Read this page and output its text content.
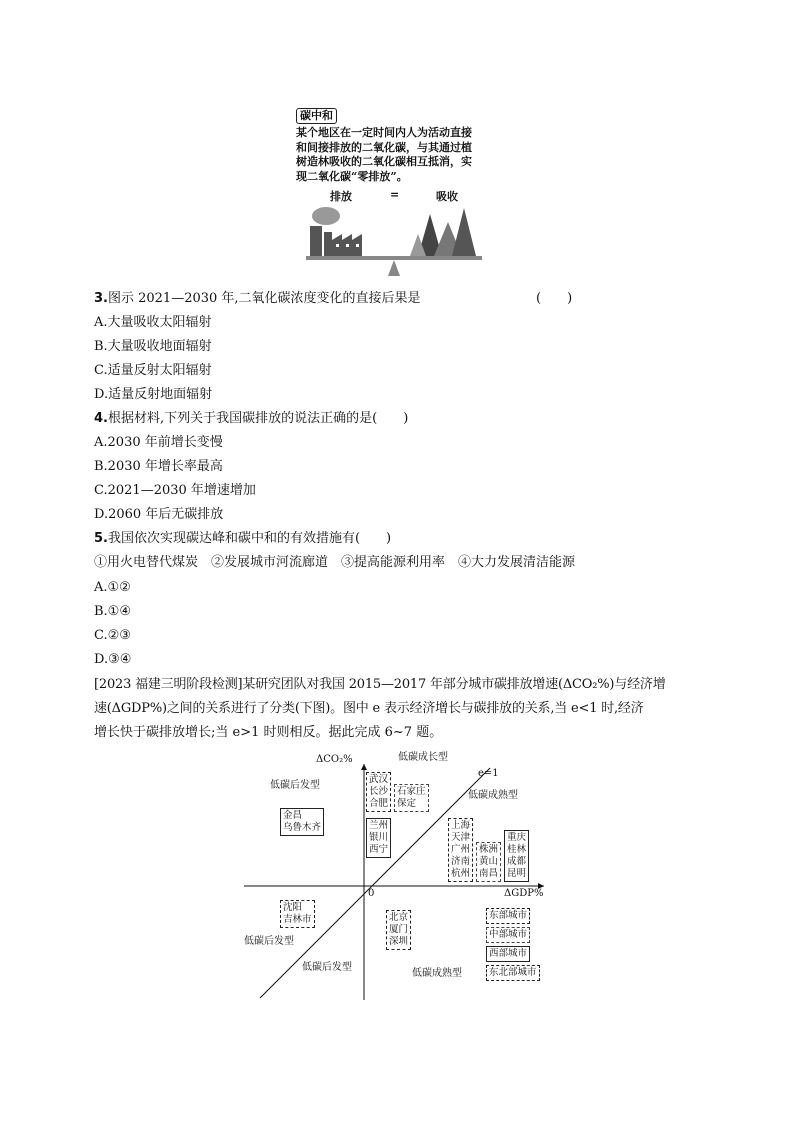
碳中和
某个地区在一定时间内人为活动直接
和间接排放的二氧化碳，与其通过植
树造林吸收的二氧化碳相互抵消，实
现二氧化碳“零排放”。
排放	=	吸收
3.图示 2021—2030 年,二氧化碳浓度变化的直接后果是	(　　)
A.大量吸收太阳辐射
B.大量吸收地面辐射
C.适量反射太阳辐射
D.适量反射地面辐射
4.根据材料,下列关于我国碳排放的说法正确的是(　　)
A.2030 年前增长变慢
B.2030 年增长率最高
C.2021—2030 年增速增加
D.2060 年后无碳排放
5.我国依次实现碳达峰和碳中和的有效措施有(　　)
①用火电替代煤炭　②发展城市河流廊道　③提高能源利用率　④大力发展清洁能源
A.①②
B.①④
C.②③
D.③④
[2023 福建三明阶段检测]某研究团队对我国 2015—2017 年部分城市碳排放增速(ΔCO₂%)与经济增
速(ΔGDP%)之间的关系进行了分类(下图)。图中 e 表示经济增长与碳排放的关系,当 e<1 时,经济
增长快于碳排放增长;当 e>1 时则相反。据此完成 6~7 题。
ΔCO₂%
ΔGDP%
0
e=1
低碳成长型
低碳后发型
低碳成熟型
低碳后发型
低碳后发型
低碳成熟型
金昌
乌鲁木齐
武汉
长沙
合肥
石家庄
保定
兰州
银川
西宁
上海
天津
广州
济南
杭州
株洲
黄山
南昌
重庆
桂林
成都
昆明
沈阳
吉林市	北京
厦门
深圳
东部城市
中部城市
西部城市
东北部城市
